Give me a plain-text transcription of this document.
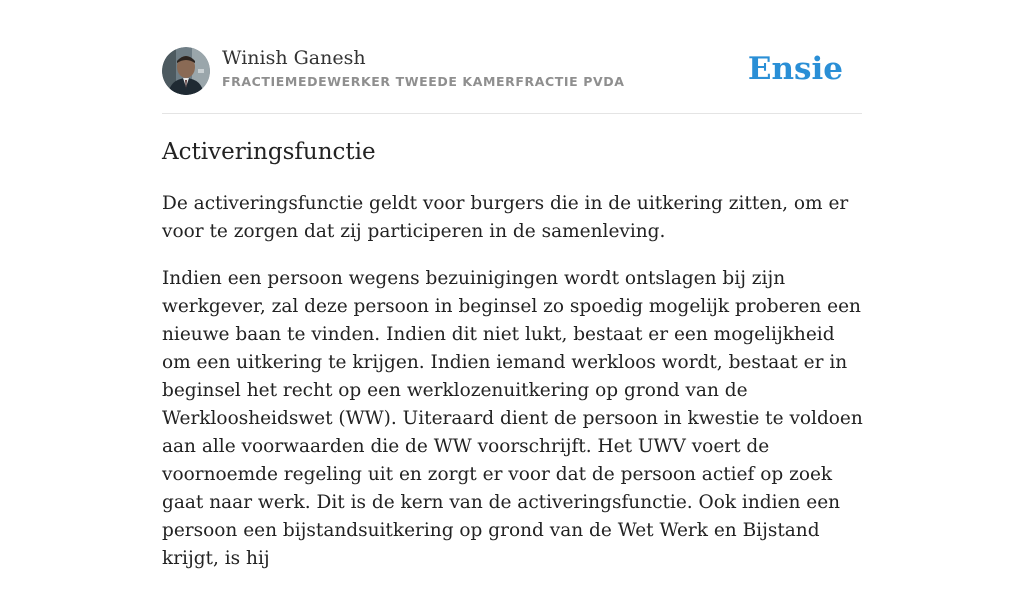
Winish Ganesh
FRACTIEMEDEWERKER TWEEDE KAMERFRACTIE PVDA	Ensie
Activeringsfunctie

De activeringsfunctie geldt voor burgers die in de uitkering zitten, om er voor te zorgen dat zij participeren in de samenleving.

Indien een persoon wegens bezuinigingen wordt ontslagen bij zijn werkgever, zal deze persoon in beginsel zo spoedig mogelijk proberen een nieuwe baan te vinden. Indien dit niet lukt, bestaat er een mogelijkheid om een uitkering te krijgen. Indien iemand werkloos wordt, bestaat er in beginsel het recht op een werklozenuitkering op grond van de Werkloosheidswet (WW). Uiteraard dient de persoon in kwestie te voldoen aan alle voorwaarden die de WW voorschrijft. Het UWV voert de voornoemde regeling uit en zorgt er voor dat de persoon actief op zoek gaat naar werk. Dit is de kern van de activeringsfunctie. Ook indien een persoon een bijstandsuitkering op grond van de Wet Werk en Bijstand krijgt, is hij
